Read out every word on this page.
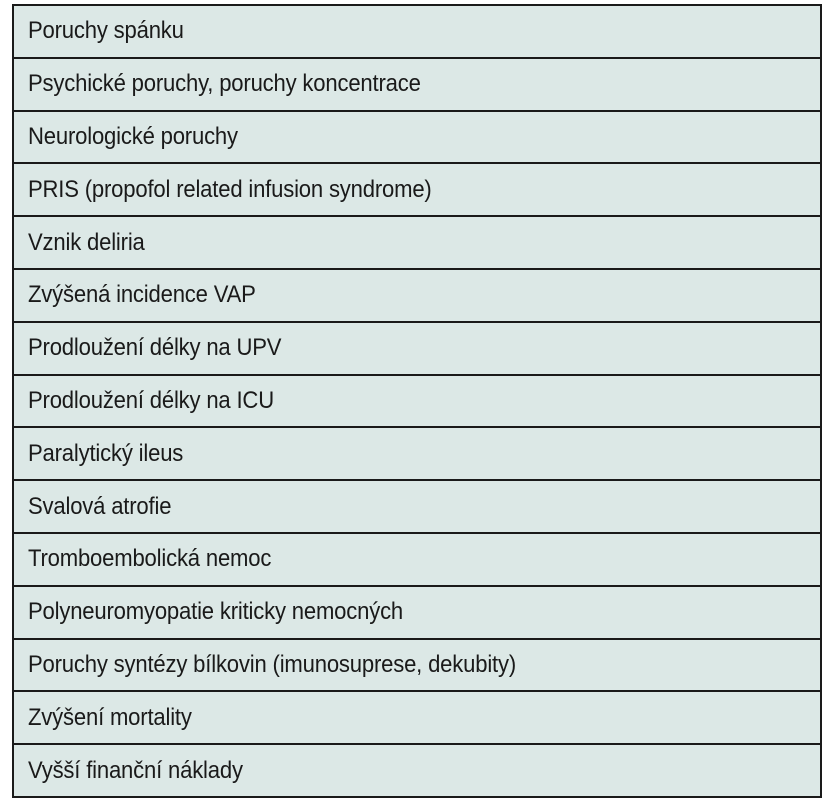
Poruchy spánku
Psychické poruchy, poruchy koncentrace
Neurologické poruchy
PRIS (propofol related infusion syndrome)
Vznik deliria
Zvýšená incidence VAP
Prodloužení délky na UPV
Prodloužení délky na ICU
Paralytický ileus
Svalová atrofie
Tromboembolická nemoc
Polyneuromyopatie kriticky nemocných
Poruchy syntézy bílkovin (imunosuprese, dekubity)
Zvýšení mortality
Vyšší finanční náklady
